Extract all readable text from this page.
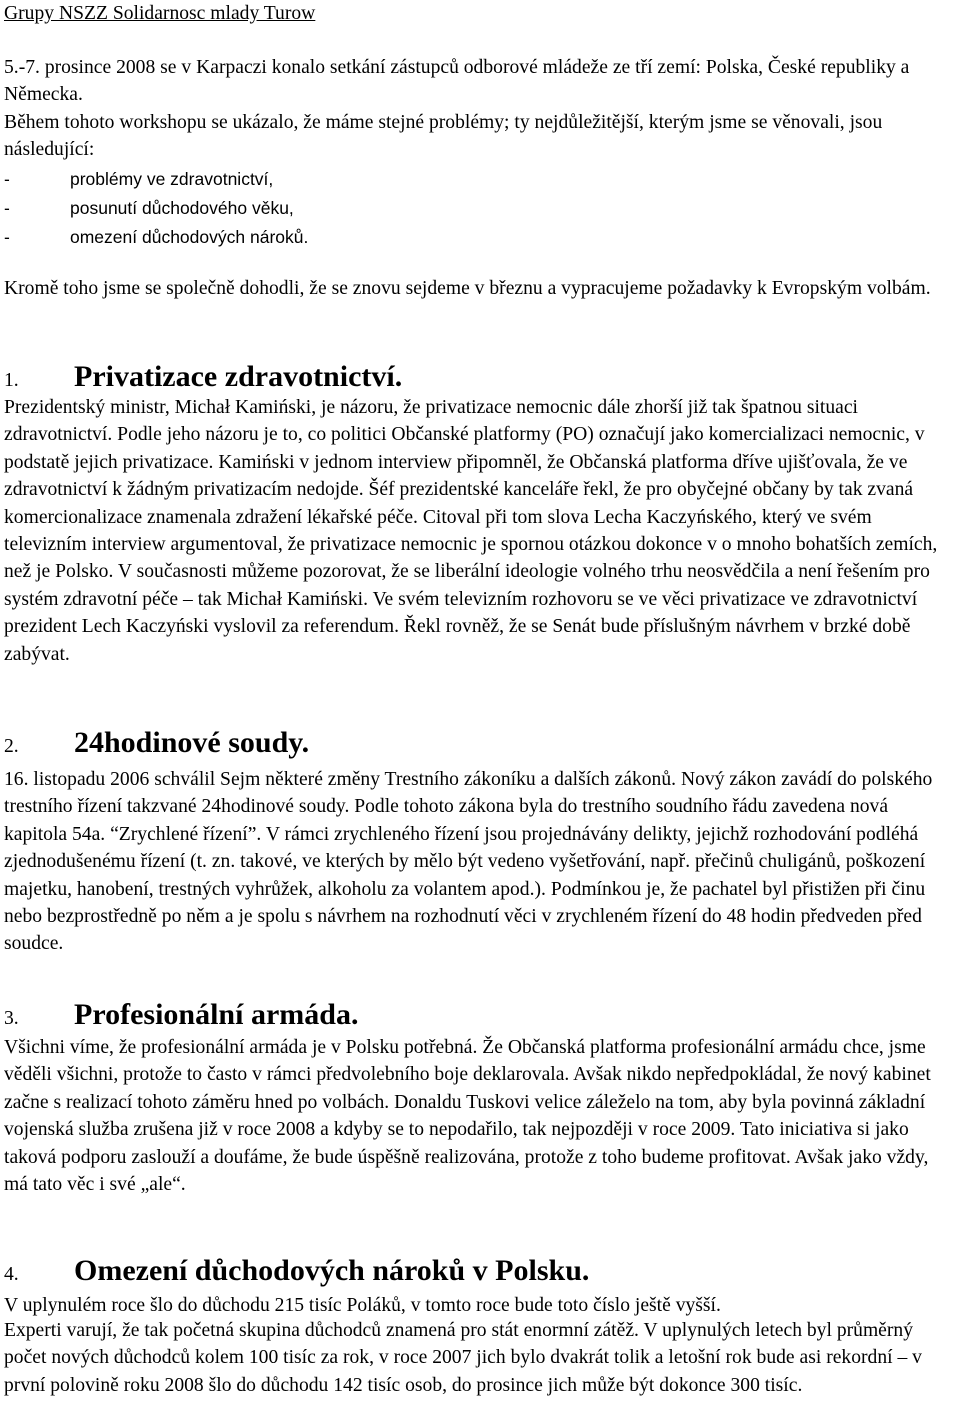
Grupy NSZZ Solidarnosc mlady Turow

5.-7. prosince 2008 se v Karpaczi konalo setkání zástupců odborové mládeže ze tří zemí: Polska, České republiky a Německa.

Během tohoto workshopu se ukázalo, že máme stejné problémy; ty nejdůležitější, kterým jsme se věnovali, jsou následující:

-	problémy ve zdravotnictví,
-	posunutí důchodového věku,
-	omezení důchodových nároků.

Kromě toho jsme se společně dohodli, že se znovu sejdeme v březnu a vypracujeme požadavky k Evropským volbám.

1. Privatizace zdravotnictví.

Prezidentský ministr, Michał Kamiński, je názoru, že privatizace nemocnic dále zhorší již tak špatnou situaci zdravotnictví. Podle jeho názoru je to, co politici Občanské platformy (PO) označují jako komercializaci nemocnic, v podstatě jejich privatizace. Kamiński v jednom interview připomněl, že Občanská platforma dříve ujišťovala, že ve zdravotnictví k žádným privatizacím nedojde. Šéf prezidentské kanceláře řekl, že pro obyčejné občany by tak zvaná komercionalizace znamenala zdražení lékařské péče. Citoval při tom slova Lecha Kaczyńského, který ve svém televizním interview argumentoval, že privatizace nemocnic je spornou otázkou dokonce v o mnoho bohatších zemích, než je Polsko. V současnosti můžeme pozorovat, že se liberální ideologie volného trhu neosvědčila a není řešením pro systém zdravotní péče – tak Michał Kamiński. Ve svém televizním rozhovoru se ve věci privatizace ve zdravotnictví prezident Lech Kaczyński vyslovil za referendum. Řekl rovněž, že se Senát bude příslušným návrhem v brzké době zabývat.

2. 24hodinové soudy.

16. listopadu 2006 schválil Sejm některé změny Trestního zákoníku a dalších zákonů. Nový zákon zavádí do polského trestního řízení takzvané 24hodinové soudy. Podle tohoto zákona byla do trestního soudního řádu zavedena nová kapitola 54a. “Zrychlené řízení”. V rámci zrychleného řízení jsou projednávány delikty, jejichž rozhodování podléhá zjednodušenému řízení (t. zn. takové, ve kterých by mělo být vedeno vyšetřování, např. přečinů chuligánů, poškození majetku, hanobení, trestných vyhrůžek, alkoholu za volantem apod.). Podmínkou je, že pachatel byl přistižen při činu nebo bezprostředně po něm a je spolu s návrhem na rozhodnutí věci v zrychleném řízení do 48 hodin předveden před soudce.

3. Profesionální armáda.

Všichni víme, že profesionální armáda je v Polsku potřebná. Že Občanská platforma profesionální armádu chce, jsme věděli všichni, protože to často v rámci předvolebního boje deklarovala. Avšak nikdo nepředpokládal, že nový kabinet začne s realizací tohoto záměru hned po volbách. Donaldu Tuskovi velice záleželo na tom, aby byla povinná základní vojenská služba zrušena již v roce 2008 a kdyby se to nepodařilo, tak nejpozději v roce 2009. Tato iniciativa si jako taková podporu zaslouží a doufáme, že bude úspěšně realizována, protože z toho budeme profitovat. Avšak jako vždy, má tato věc i své „ale“.

4. Omezení důchodových nároků v Polsku.

V uplynulém roce šlo do důchodu 215 tisíc Poláků, v tomto roce bude toto číslo ještě vyšší.

Experti varují, že tak početná skupina důchodců znamená pro stát enormní zátěž. V uplynulých letech byl průměrný počet nových důchodců kolem 100 tisíc za rok, v roce 2007 jich bylo dvakrát tolik a letošní rok bude asi rekordní – v první polovině roku 2008 šlo do důchodu 142 tisíc osob, do prosince jich může být dokonce 300 tisíc.
